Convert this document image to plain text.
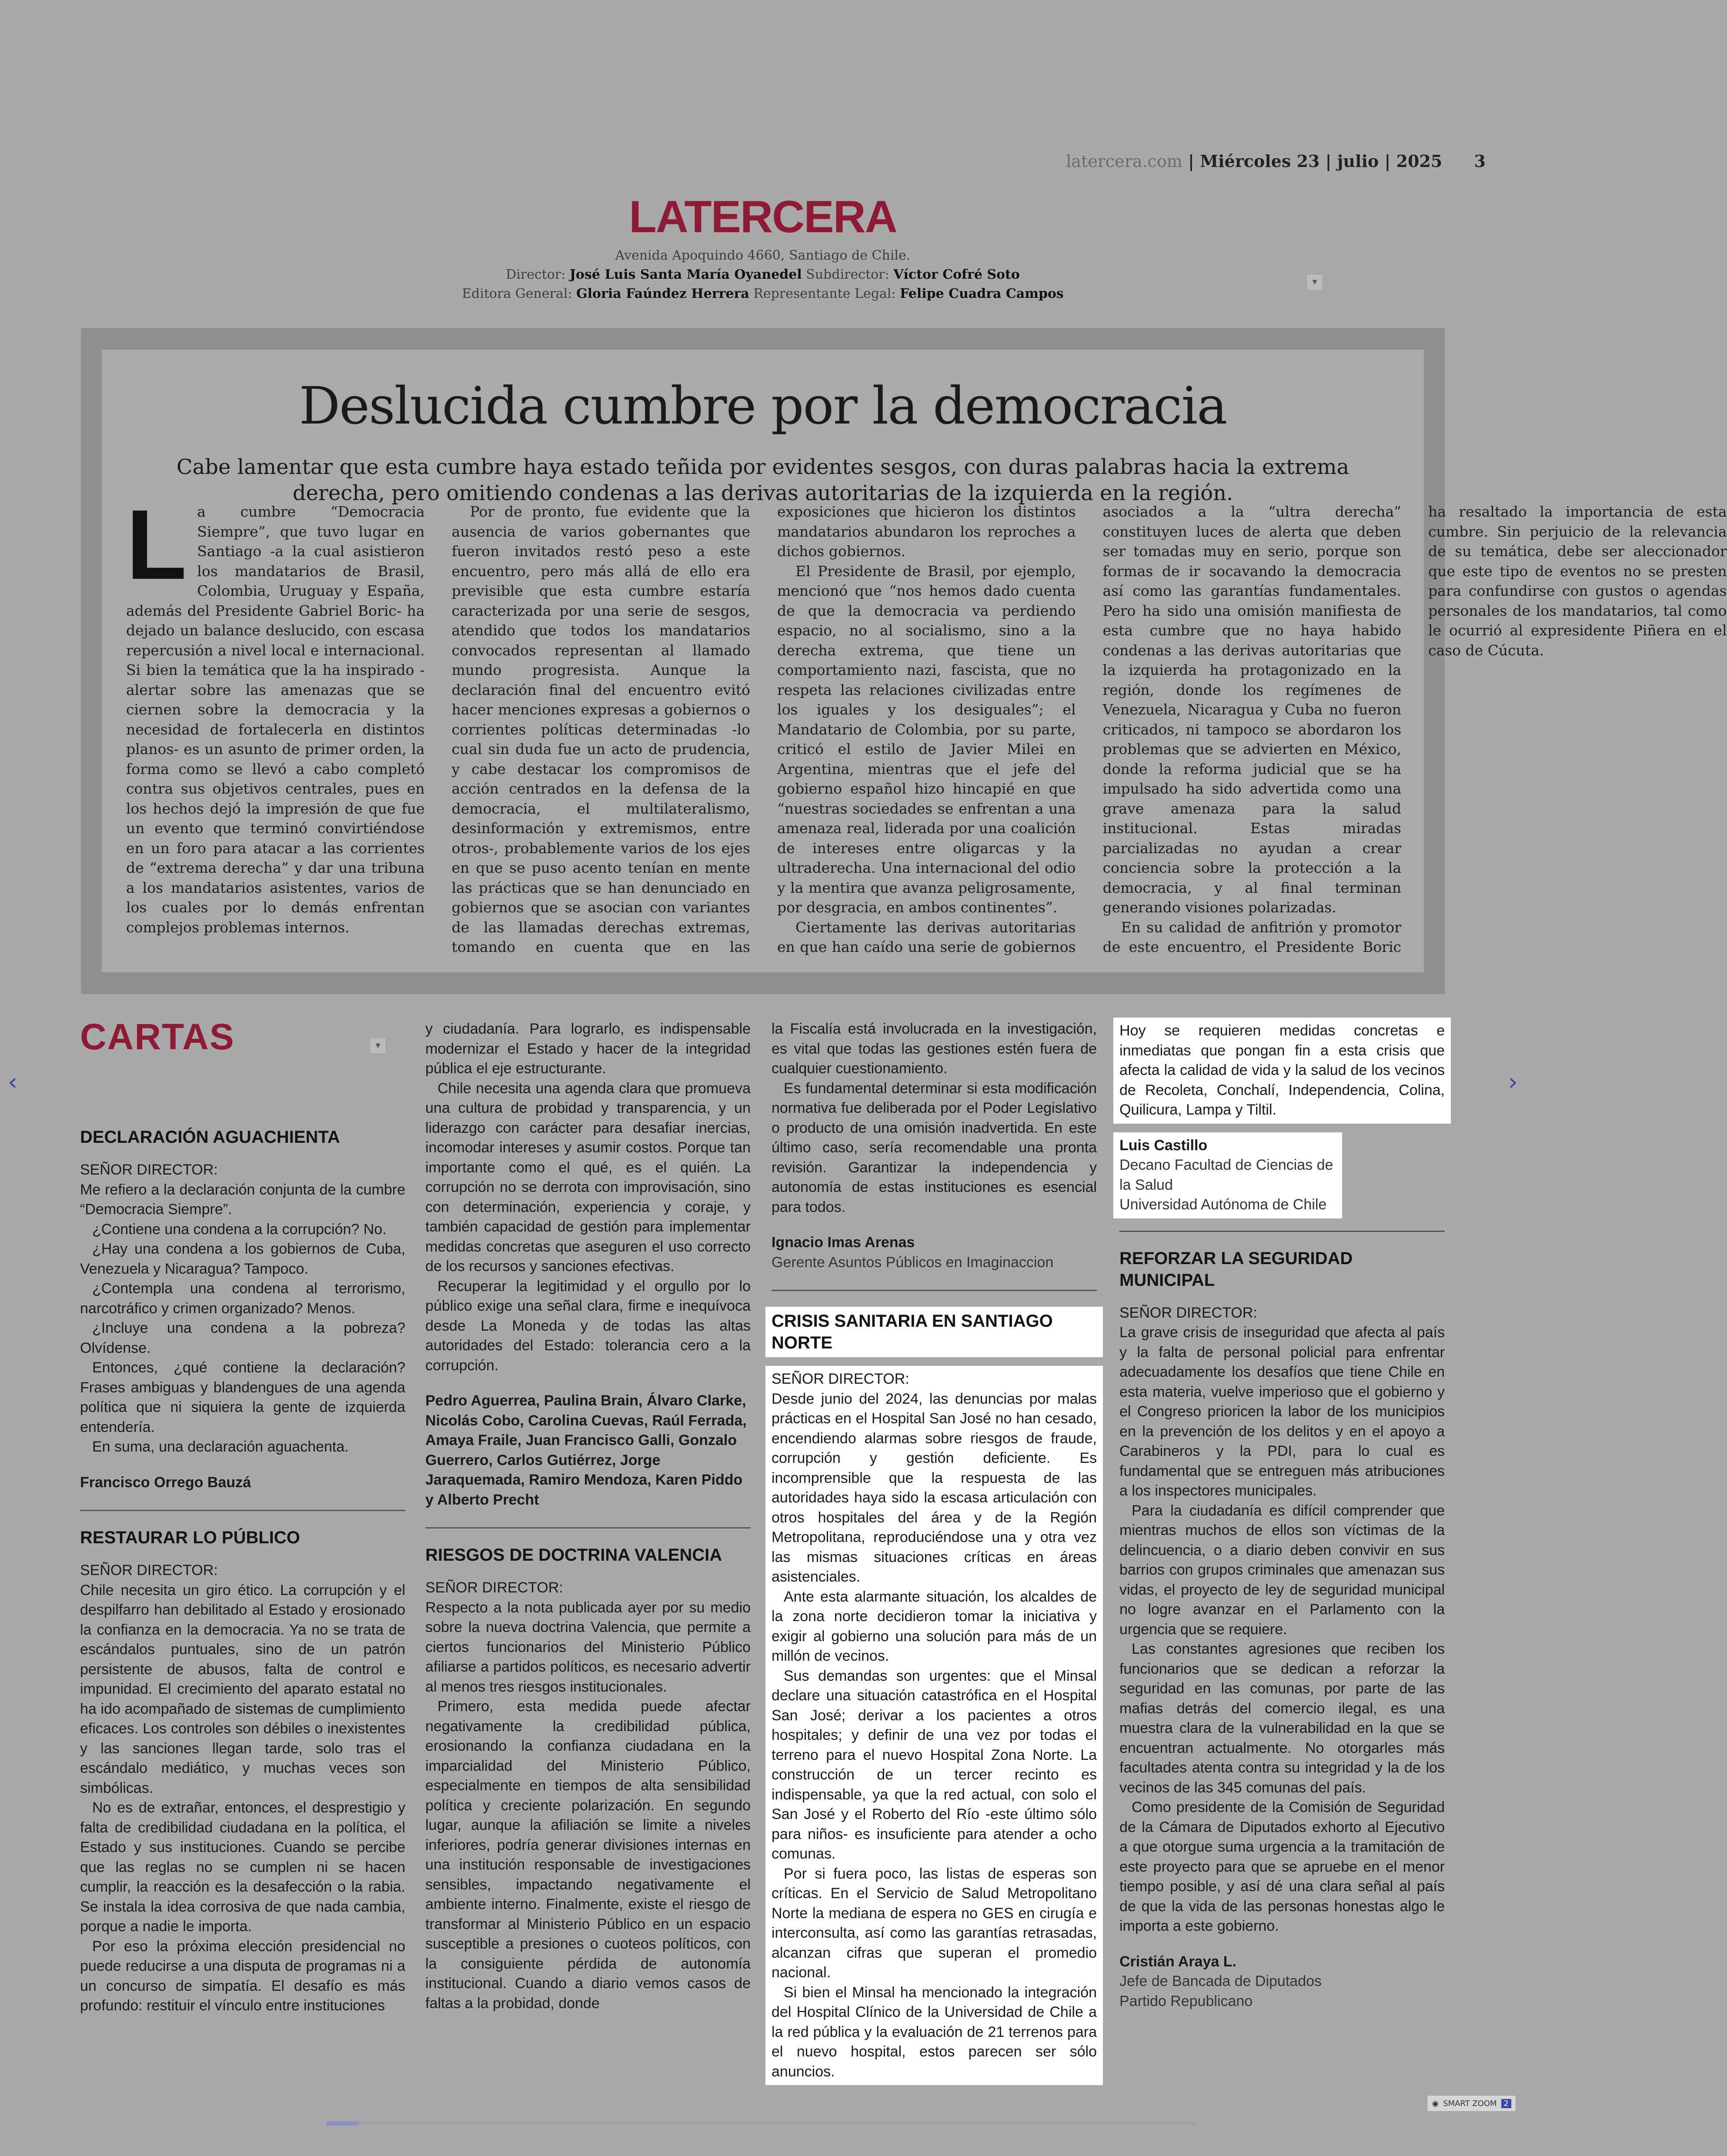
latercera.com | Miércoles 23 | julio | 2025 3
LATERCERA
Avenida Apoquindo 4660, Santiago de Chile.
Director: José Luis Santa María Oyanedel Subdirector: Víctor Cofré Soto
Editora General: Gloria Faúndez Herrera Representante Legal: Felipe Cuadra Campos
▾
Deslucida cumbre por la democracia
Cabe lamentar que esta cumbre haya estado teñida por evidentes sesgos, con duras palabras hacia la extrema derecha, pero omitiendo condenas a las derivas autoritarias de la izquierda en la región.

La cumbre “Democracia Siempre”, que tuvo lugar en Santiago -a la cual asistieron los mandatarios de Brasil, Colombia, Uruguay y España, además del Presidente Gabriel Boric- ha dejado un balance deslucido, con escasa repercusión a nivel local e internacional. Si bien la temática que la ha inspirado -alertar sobre las amenazas que se ciernen sobre la democracia y la necesidad de fortalecerla en distintos planos- es un asunto de primer orden, la forma como se llevó a cabo completó contra sus objetivos centrales, pues en los hechos dejó la impresión de que fue un evento que terminó convirtiéndose en un foro para atacar a las corrientes de “extrema derecha” y dar una tribuna a los mandatarios asistentes, varios de los cuales por lo demás enfrentan complejos problemas internos.

Por de pronto, fue evidente que la ausencia de varios gobernantes que fueron invitados restó peso a este encuentro, pero más allá de ello era previsible que esta cumbre estaría caracterizada por una serie de sesgos, atendido que todos los mandatarios convocados representan al llamado mundo progresista. Aunque la declaración final del encuentro evitó hacer menciones expresas a gobiernos o corrientes políticas determinadas -lo cual sin duda fue un acto de prudencia, y cabe destacar los compromisos de acción centrados en la defensa de la democracia, el multilateralismo, desinformación y extremismos, entre otros-, probablemente varios de los ejes en que se puso acento tenían en mente las prácticas que se han denunciado en gobiernos que se asocian con variantes de las llamadas derechas extremas, tomando en cuenta que en las exposiciones que hicieron los distintos mandatarios abundaron los reproches a dichos gobiernos.

El Presidente de Brasil, por ejemplo, mencionó que “nos hemos dado cuenta de que la democracia va perdiendo espacio, no al socialismo, sino a la derecha extrema, que tiene un comportamiento nazi, fascista, que no respeta las relaciones civilizadas entre los iguales y los desiguales”; el Mandatario de Colombia, por su parte, criticó el estilo de Javier Milei en Argentina, mientras que el jefe del gobierno español hizo hincapié en que “nuestras sociedades se enfrentan a una amenaza real, liderada por una coalición de intereses entre oligarcas y la ultraderecha. Una internacional del odio y la mentira que avanza peligrosamente, por desgracia, en ambos continentes”.

Ciertamente las derivas autoritarias en que han caído una serie de gobiernos asociados a la “ultra derecha” constituyen luces de alerta que deben ser tomadas muy en serio, porque son formas de ir socavando la democracia así como las garantías fundamentales. Pero ha sido una omisión manifiesta de esta cumbre que no haya habido condenas a las derivas autoritarias que la izquierda ha protagonizado en la región, donde los regímenes de Venezuela, Nicaragua y Cuba no fueron criticados, ni tampoco se abordaron los problemas que se advierten en México, donde la reforma judicial que se ha impulsado ha sido advertida como una grave amenaza para la salud institucional. Estas miradas parcializadas no ayudan a crear conciencia sobre la protección a la democracia, y al final terminan generando visiones polarizadas.

En su calidad de anfitrión y promotor de este encuentro, el Presidente Boric ha resaltado la importancia de esta cumbre. Sin perjuicio de la relevancia de su temática, debe ser aleccionador que este tipo de eventos no se presten para confundirse con gustos o agendas personales de los mandatarios, tal como le ocurrió al expresidente Piñera en el caso de Cúcuta.

CARTAS	▾
DECLARACIÓN AGUACHIENTA

SEÑOR DIRECTOR:

Me refiero a la declaración conjunta de la cumbre “Democracia Siempre”.

¿Contiene una condena a la corrupción? No.

¿Hay una condena a los gobiernos de Cuba, Venezuela y Nicaragua? Tampoco.

¿Contempla una condena al terrorismo, narcotráfico y crimen organizado? Menos.

¿Incluye una condena a la pobreza? Olvídense.

Entonces, ¿qué contiene la declaración? Frases ambiguas y blandengues de una agenda política que ni siquiera la gente de izquierda entendería.

En suma, una declaración aguachenta.

Francisco Orrego Bauzá

RESTAURAR LO PÚBLICO

SEÑOR DIRECTOR:

Chile necesita un giro ético. La corrupción y el despilfarro han debilitado al Estado y erosionado la confianza en la democracia. Ya no se trata de escándalos puntuales, sino de un patrón persistente de abusos, falta de control e impunidad. El crecimiento del aparato estatal no ha ido acompañado de sistemas de cumplimiento eficaces. Los controles son débiles o inexistentes y las sanciones llegan tarde, solo tras el escándalo mediático, y muchas veces son simbólicas.

No es de extrañar, entonces, el desprestigio y falta de credibilidad ciudadana en la política, el Estado y sus instituciones. Cuando se percibe que las reglas no se cumplen ni se hacen cumplir, la reacción es la desafección o la rabia. Se instala la idea corrosiva de que nada cambia, porque a nadie le importa.

Por eso la próxima elección presidencial no puede reducirse a una disputa de programas ni a un concurso de simpatía. El desafío es más profundo: restituir el vínculo entre instituciones

y ciudadanía. Para lograrlo, es indispensable modernizar el Estado y hacer de la integridad pública el eje estructurante.

Chile necesita una agenda clara que promueva una cultura de probidad y transparencia, y un liderazgo con carácter para desafiar inercias, incomodar intereses y asumir costos. Porque tan importante como el qué, es el quién. La corrupción no se derrota con improvisación, sino con determinación, experiencia y coraje, y también capacidad de gestión para implementar medidas concretas que aseguren el uso correcto de los recursos y sanciones efectivas.

Recuperar la legitimidad y el orgullo por lo público exige una señal clara, firme e inequívoca desde La Moneda y de todas las altas autoridades del Estado: tolerancia cero a la corrupción.

Pedro Aguerrea, Paulina Brain, Álvaro Clarke, Nicolás Cobo, Carolina Cuevas, Raúl Ferrada, Amaya Fraile, Juan Francisco Galli, Gonzalo Guerrero, Carlos Gutiérrez, Jorge Jaraquemada, Ramiro Mendoza, Karen Piddo y Alberto Precht

RIESGOS DE DOCTRINA VALENCIA

SEÑOR DIRECTOR:

Respecto a la nota publicada ayer por su medio sobre la nueva doctrina Valencia, que permite a ciertos funcionarios del Ministerio Público afiliarse a partidos políticos, es necesario advertir al menos tres riesgos institucionales.

Primero, esta medida puede afectar negativamente la credibilidad pública, erosionando la confianza ciudadana en la imparcialidad del Ministerio Público, especialmente en tiempos de alta sensibilidad política y creciente polarización. En segundo lugar, aunque la afiliación se limite a niveles inferiores, podría generar divisiones internas en una institución responsable de investigaciones sensibles, impactando negativamente el ambiente interno. Finalmente, existe el riesgo de transformar al Ministerio Público en un espacio susceptible a presiones o cuoteos políticos, con la consiguiente pérdida de autonomía institucional. Cuando a diario vemos casos de faltas a la probidad, donde

la Fiscalía está involucrada en la investigación, es vital que todas las gestiones estén fuera de cualquier cuestionamiento.

Es fundamental determinar si esta modificación normativa fue deliberada por el Poder Legislativo o producto de una omisión inadvertida. En este último caso, sería recomendable una pronta revisión. Garantizar la independencia y autonomía de estas instituciones es esencial para todos.

Ignacio Imas Arenas

Gerente Asuntos Públicos en Imaginaccion

CRISIS SANITARIA EN SANTIAGO NORTE

SEÑOR DIRECTOR:

Desde junio del 2024, las denuncias por malas prácticas en el Hospital San José no han cesado, encendiendo alarmas sobre riesgos de fraude, corrupción y gestión deficiente. Es incomprensible que la respuesta de las autoridades haya sido la escasa articulación con otros hospitales del área y de la Región Metropolitana, reproduciéndose una y otra vez las mismas situaciones críticas en áreas asistenciales.

Ante esta alarmante situación, los alcaldes de la zona norte decidieron tomar la iniciativa y exigir al gobierno una solución para más de un millón de vecinos.

Sus demandas son urgentes: que el Minsal declare una situación catastrófica en el Hospital San José; derivar a los pacientes a otros hospitales; y definir de una vez por todas el terreno para el nuevo Hospital Zona Norte. La construcción de un tercer recinto es indispensable, ya que la red actual, con solo el San José y el Roberto del Río -este último sólo para niños- es insuficiente para atender a ocho comunas.

Por si fuera poco, las listas de esperas son críticas. En el Servicio de Salud Metropolitano Norte la mediana de espera no GES en cirugía e interconsulta, así como las garantías retrasadas, alcanzan cifras que superan el promedio nacional.

Si bien el Minsal ha mencionado la integración del Hospital Clínico de la Universidad de Chile a la red pública y la evaluación de 21 terrenos para el nuevo hospital, estos parecen ser sólo anuncios.

Hoy se requieren medidas concretas e inmediatas que pongan fin a esta crisis que afecta la calidad de vida y la salud de los vecinos de Recoleta, Conchalí, Independencia, Colina, Quilicura, Lampa y Tiltil.

Luis Castillo

Decano Facultad de Ciencias de la Salud

Universidad Autónoma de Chile

REFORZAR LA SEGURIDAD MUNICIPAL

SEÑOR DIRECTOR:

La grave crisis de inseguridad que afecta al país y la falta de personal policial para enfrentar adecuadamente los desafíos que tiene Chile en esta materia, vuelve imperioso que el gobierno y el Congreso prioricen la labor de los municipios en la prevención de los delitos y en el apoyo a Carabineros y la PDI, para lo cual es fundamental que se entreguen más atribuciones a los inspectores municipales.

Para la ciudadanía es difícil comprender que mientras muchos de ellos son víctimas de la delincuencia, o a diario deben convivir en sus barrios con grupos criminales que amenazan sus vidas, el proyecto de ley de seguridad municipal no logre avanzar en el Parlamento con la urgencia que se requiere.

Las constantes agresiones que reciben los funcionarios que se dedican a reforzar la seguridad en las comunas, por parte de las mafias detrás del comercio ilegal, es una muestra clara de la vulnerabilidad en la que se encuentran actualmente. No otorgarles más facultades atenta contra su integridad y la de los vecinos de las 345 comunas del país.

Como presidente de la Comisión de Seguridad de la Cámara de Diputados exhorto al Ejecutivo a que otorgue suma urgencia a la tramitación de este proyecto para que se apruebe en el menor tiempo posible, y así dé una clara señal al país de que la vida de las personas honestas algo le importa a este gobierno.

Cristián Araya L.

Jefe de Bancada de Diputados

Partido Republicano

‹	›
◉ SMART ZOOM 2
